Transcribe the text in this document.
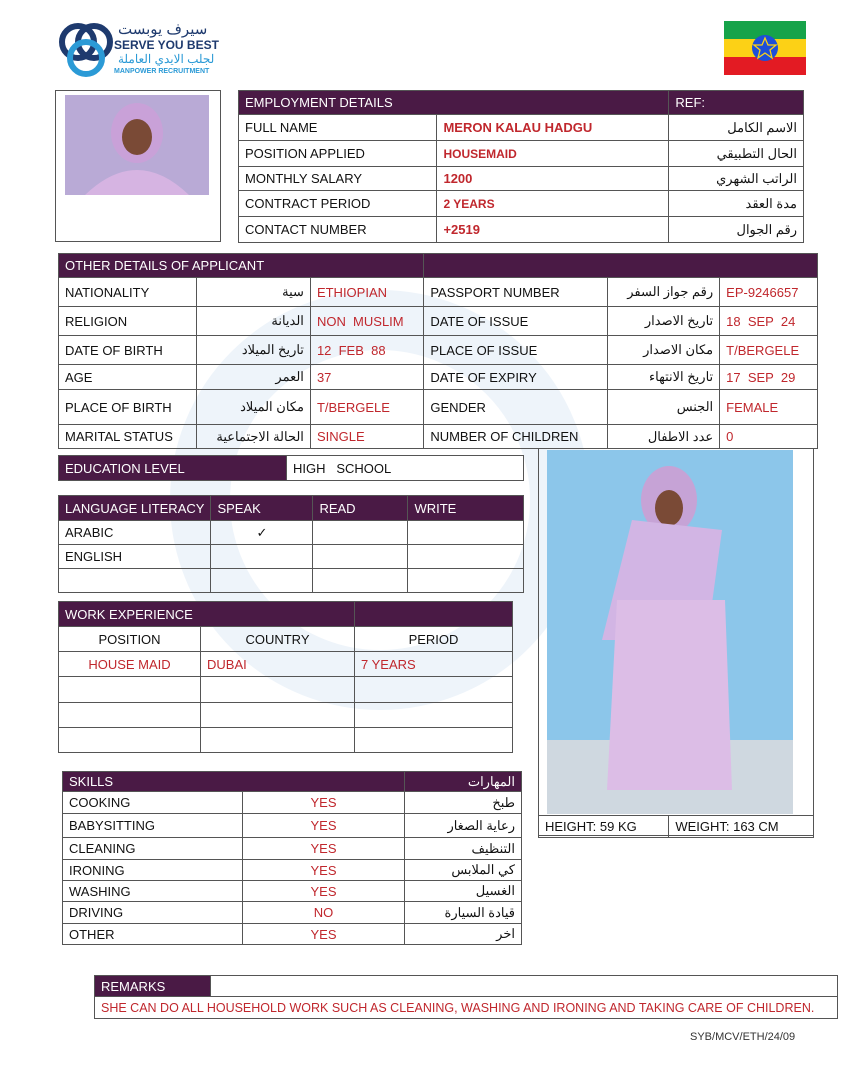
سيرف يوبست
SERVE YOU BEST
لجلب الايدي العاملة
MANPOWER RECRUITMENT
EMPLOYMENT DETAILS		REF:
FULL NAME	MERON KALAU HADGU	الاسم الكامل
POSITION APPLIED	HOUSEMAID	الحال التطبيقي
MONTHLY SALARY	1200	الراتب الشهري
CONTRACT PERIOD	2 YEARS	مدة العقد
CONTACT NUMBER	+2519	رقم الجوال
OTHER DETAILS OF APPLICANT					
NATIONALITY	سية	ETHIOPIAN	PASSPORT NUMBER	رقم جواز السفر	EP-9246657
RELIGION	الديانة	NON  MUSLIM	DATE OF ISSUE	تاريخ الاصدار	18  SEP  24
DATE OF BIRTH	تاريخ الميلاد	12  FEB  88	PLACE OF ISSUE	مكان الاصدار	T/BERGELE
AGE	العمر	37	DATE OF EXPIRY	تاريخ الانتهاء	17  SEP  29
PLACE OF BIRTH	مكان الميلاد	T/BERGELE	GENDER	الجنس	FEMALE
MARITAL STATUS	الحالة الاجتماعية	SINGLE	NUMBER OF CHILDREN	عدد الاطفال	0
EDUCATION LEVEL	HIGH   SCHOOL
LANGUAGE LITERACY	SPEAK	READ	WRITE
ARABIC	✓		
ENGLISH			

WORK EXPERIENCE		
POSITION	COUNTRY	PERIOD
HOUSE MAID	DUBAI	7 YEARS

HEIGHT: 59 KG	WEIGHT: 163 CM
SKILLS		المهارات
COOKING	YES	طبخ
BABYSITTING	YES	رعاية الصغار
CLEANING	YES	التنظيف
IRONING	YES	كي الملابس
WASHING	YES	الغسيل
DRIVING	NO	قيادة السيارة
OTHER	YES	اخر
REMARKS	
SHE CAN DO ALL HOUSEHOLD WORK SUCH AS CLEANING, WASHING AND IRONING AND TAKING CARE OF CHILDREN.
SYB/MCV/ETH/24/09
